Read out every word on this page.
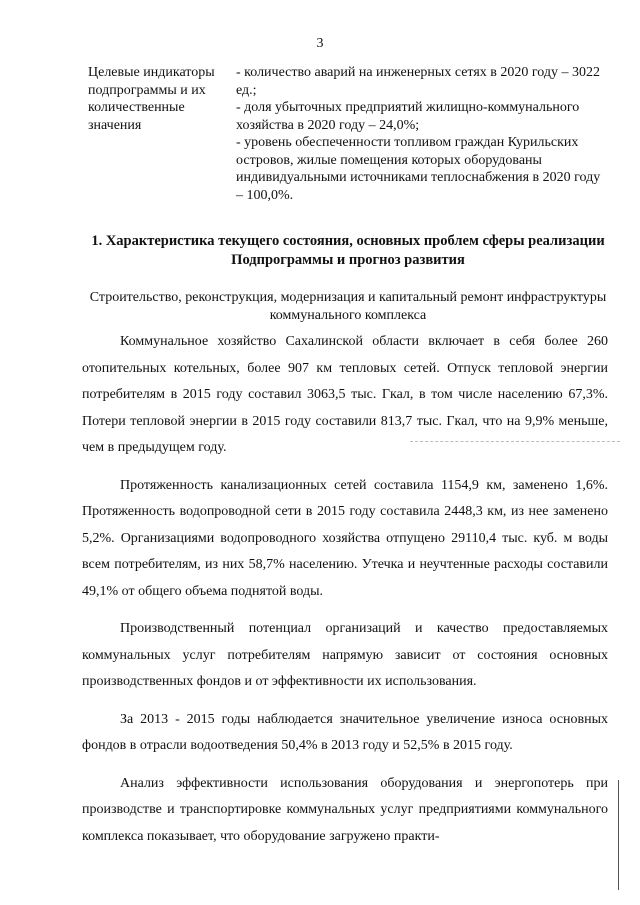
3
Целевые индикаторы подпрограммы и их количественные значения

- количество аварий на инженерных сетях в 2020 году – 3022 ед.;

- доля убыточных предприятий жилищно-коммунального хозяйства в 2020 году – 24,0%;

- уровень обеспеченности топливом граждан Курильских островов, жилые помещения которых оборудованы индивидуальными источниками теплоснабжения в 2020 году – 100,0%.

1. Характеристика текущего состояния, основных проблем сферы реализации Подпрограммы и прогноз развития
Строительство, реконструкция, модернизация и капитальный ремонт инфраструктуры коммунального комплекса

Коммунальное хозяйство Сахалинской области включает в себя более 260 отопительных котельных, более 907 км тепловых сетей. Отпуск тепловой энергии потребителям в 2015 году составил 3063,5 тыс. Гкал, в том числе населению 67,3%. Потери тепловой энергии в 2015 году составили 813,7 тыс. Гкал, что на 9,9% меньше, чем в предыдущем году.

Протяженность канализационных сетей составила 1154,9 км, заменено 1,6%. Протяженность водопроводной сети в 2015 году составила 2448,3 км, из нее заменено 5,2%. Организациями водопроводного хозяйства отпущено 29110,4 тыс. куб. м воды всем потребителям, из них 58,7% населению. Утечка и неучтенные расходы составили 49,1% от общего объема поднятой воды.

Производственный потенциал организаций и качество предоставляемых коммунальных услуг потребителям напрямую зависит от состояния основных производственных фондов и от эффективности их использования.

За 2013 - 2015 годы наблюдается значительное увеличение износа основных фондов в отрасли водоотведения 50,4% в 2013 году и 52,5% в 2015 году.

Анализ эффективности использования оборудования и энергопотерь при производстве и транспортировке коммунальных услуг предприятиями коммунального комплекса показывает, что оборудование загружено практи-
